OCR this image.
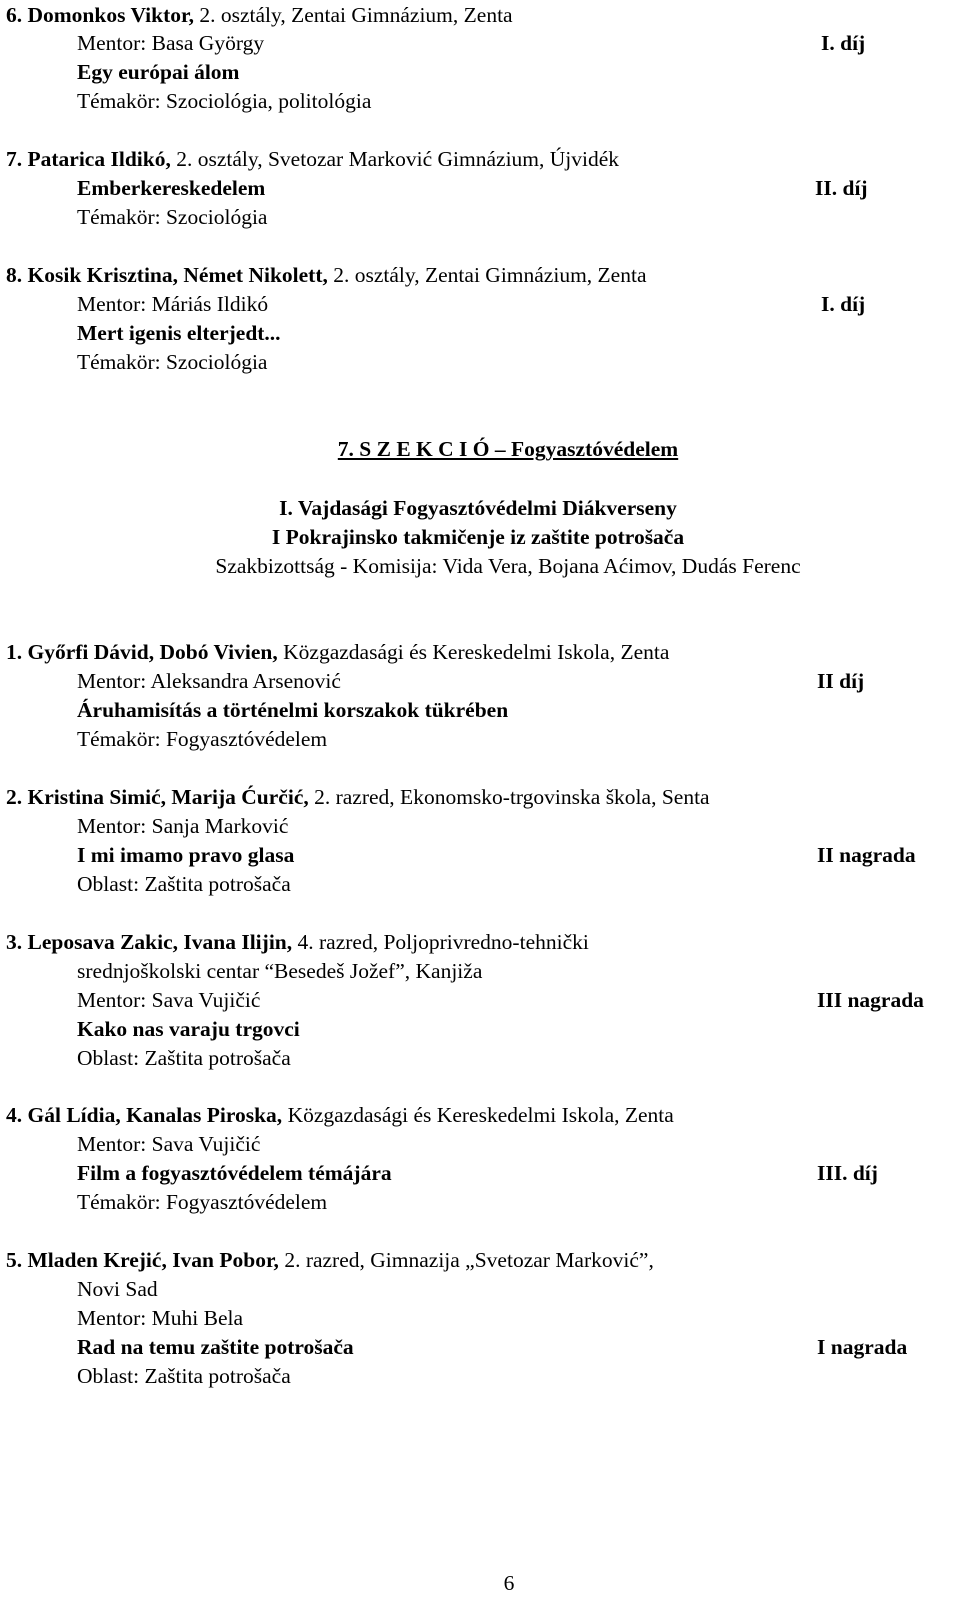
6. Domonkos Viktor, 2. osztály, Zentai Gimnázium, Zenta
Mentor: Basa György
Egy európai álom
Témakör: Szociológia, politológia
I. díj
7. Patarica Ildikó, 2. osztály, Svetozar Marković Gimnázium, Újvidék
Emberkereskedelem
Témakör: Szociológia
II. díj
8. Kosik Krisztina, Német Nikolett, 2. osztály, Zentai Gimnázium, Zenta
Mentor: Máriás Ildikó
Mert igenis elterjedt...
Témakör: Szociológia
I. díj
7. S Z E K C I Ó – Fogyasztóvédelem
I. Vajdasági Fogyasztóvédelmi Diákverseny
I Pokrajinsko takmičenje iz zaštite potrošača
Szakbizottság - Komisija: Vida Vera, Bojana Aćimov, Dudás Ferenc
1. Győrfi Dávid, Dobó Vivien, Közgazdasági és Kereskedelmi Iskola, Zenta
Mentor: Aleksandra Arsenović
Áruhamisítás a történelmi korszakok tükrében
Témakör: Fogyasztóvédelem
II díj
2. Kristina Simić, Marija Ćurčić, 2. razred, Ekonomsko-trgovinska škola, Senta
Mentor: Sanja Marković
I mi imamo pravo glasa
Oblast: Zaštita potrošača
II nagrada
3. Leposava Zakic, Ivana Ilijin, 4. razred, Poljoprivredno-tehnički
srednjoškolski centar “Besedeš Jožef”, Kanjiža
Mentor: Sava Vujičić
Kako nas varaju trgovci
Oblast: Zaštita potrošača
III nagrada
4. Gál Lídia, Kanalas Piroska, Közgazdasági és Kereskedelmi Iskola, Zenta
Mentor: Sava Vujičić
Film a fogyasztóvédelem témájára
Témakör: Fogyasztóvédelem
III. díj
5. Mladen Krejić, Ivan Pobor, 2. razred, Gimnazija „Svetozar Marković”,
Novi Sad
Mentor: Muhi Bela
Rad na temu zaštite potrošača
Oblast: Zaštita potrošača
I nagrada
6
